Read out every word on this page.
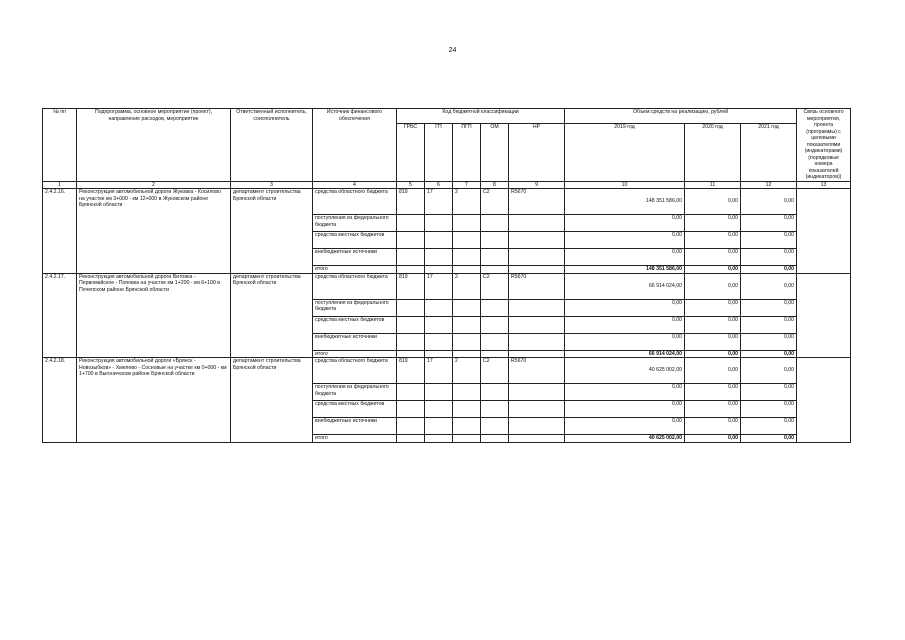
24
№ пп	Подпрограмма, основное мероприятие (проект), направление расходов, мероприятие	Ответственный исполнитель, соисполнитель	Источник финансового обеспечения	Код бюджетной классификации					Объем средств на реализацию, рублей			Связь основного мероприятия, проекта (программы) с целевыми показателями (индикаторами) (порядковые номера показателей (индикаторов))
				ГРБС	ГП	ПГП	ОМ	НР	2019 год	2020 год	2021 год	
1	2	3	4	5	6	7	8	9	10	11	12	13
2.4.2.16.	Реконструкция автомобильной дороги Жуковка - Косилово на участке км 3+000 - км 12+000 в Жуковском районе Брянской области	департамент строительства Брянской области	средства областного бюджета	819	17	2	С2	R5670	148 351 586,00	0,00	0,00	
			поступления из федерального бюджета						0,00	0,00	0,00	
			средства местных бюджетов						0,00	0,00	0,00	
			внебюджетные источники						0,00	0,00	0,00	
			итого						148 351 586,00	0,00	0,00	
2.4.2.17.	Реконструкция автомобильной дороги Витовка - Первомайское - Поповка на участке км 1+200 - км 6+100 в Почепском районе Брянской области	департамент строительства Брянской области	средства областного бюджета	819	17	2	С2	R5670	66 914 024,00	0,00	0,00	
			поступления из федерального бюджета						0,00	0,00	0,00	
			средства местных бюджетов						0,00	0,00	0,00	
			внебюджетные источники						0,00	0,00	0,00	
			итого						66 914 024,00	0,00	0,00	
2.4.2.18.	Реконструкция автомобильной дороги «Брянск - Новозыбков» - Хмелево - Сосновые на участке км 0+000 - км 1+700 в Выгоничском районе Брянской области	департамент строительства Брянской области	средства областного бюджета	819	17	2	С2	R5670	40 625 002,00	0,00	0,00	
			поступления из федерального бюджета						0,00	0,00	0,00	
			средства местных бюджетов						0,00	0,00	0,00	
			внебюджетные источники						0,00	0,00	0,00	
			итого						40 625 002,00	0,00	0,00	
